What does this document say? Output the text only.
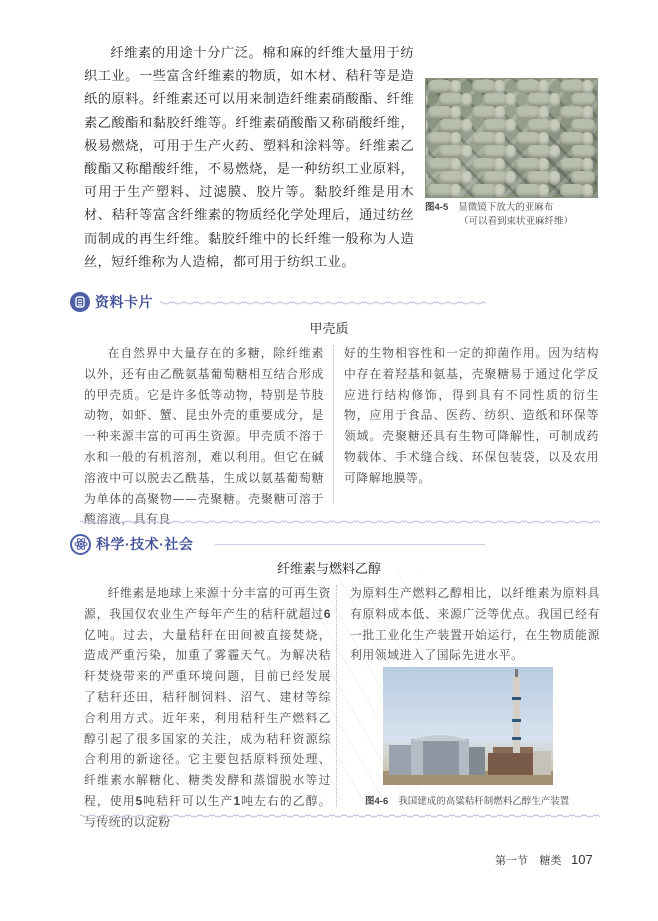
纤维素的用途十分广泛。棉和麻的纤维大量用于纺织工业。一些富含纤维素的物质，如木材、秸秆等是造纸的原料。纤维素还可以用来制造纤维素硝酸酯、纤维素乙酸酯和黏胶纤维等。纤维素硝酸酯又称硝酸纤维，极易燃烧，可用于生产火药、塑料和涂料等。纤维素乙酸酯又称醋酸纤维，不易燃烧，是一种纺织工业原料，可用于生产塑料、过滤膜、胶片等。黏胶纤维是用木材、秸秆等富含纤维素的物质经化学处理后，通过纺丝而制成的再生纤维。黏胶纤维中的长纤维一般称为人造丝，短纤维称为人造棉，都可用于纺织工业。

图4-5 显微镜下放大的亚麻布
（可以看到束状亚麻纤维）
资料卡片
甲壳质

在自然界中大量存在的多糖，除纤维素以外，还有由乙酰氨基葡萄糖相互结合形成的甲壳质。它是许多低等动物，特别是节肢动物，如虾、蟹、昆虫外壳的重要成分，是一种来源丰富的可再生资源。甲壳质不溶于水和一般的有机溶剂，难以利用。但它在碱溶液中可以脱去乙酰基，生成以氨基葡萄糖为单体的高聚物——壳聚糖。壳聚糖可溶于酸溶液，具有良

好的生物相容性和一定的抑菌作用。因为结构中存在着羟基和氨基，壳聚糖易于通过化学反应进行结构修饰，得到具有不同性质的衍生物，应用于食品、医药、纺织、造纸和环保等领域。壳聚糖还具有生物可降解性，可制成药物载体、手术缝合线、环保包装袋，以及农用可降解地膜等。

科学·技术·社会
纤维素与燃料乙醇

纤维素是地球上来源十分丰富的可再生资源，我国仅农业生产每年产生的秸秆就超过6亿吨。过去，大量秸秆在田间被直接焚烧，造成严重污染，加重了雾霾天气。为解决秸秆焚烧带来的严重环境问题，目前已经发展了秸秆还田，秸秆制饲料、沼气、建材等综合利用方式。近年来，利用秸秆生产燃料乙醇引起了很多国家的关注，成为秸秆资源综合利用的新途径。它主要包括原料预处理、纤维素水解糖化、糖类发酵和蒸馏脱水等过程，使用5吨秸秆可以生产1吨左右的乙醇。与传统的以淀粉

为原料生产燃料乙醇相比，以纤维素为原料具有原料成本低、来源广泛等优点。我国已经有一批工业化生产装置开始运行，在生物质能源利用领域进入了国际先进水平。

图4-6 我国建成的高粱秸秆制燃料乙醇生产装置
第一节 糖类 107
